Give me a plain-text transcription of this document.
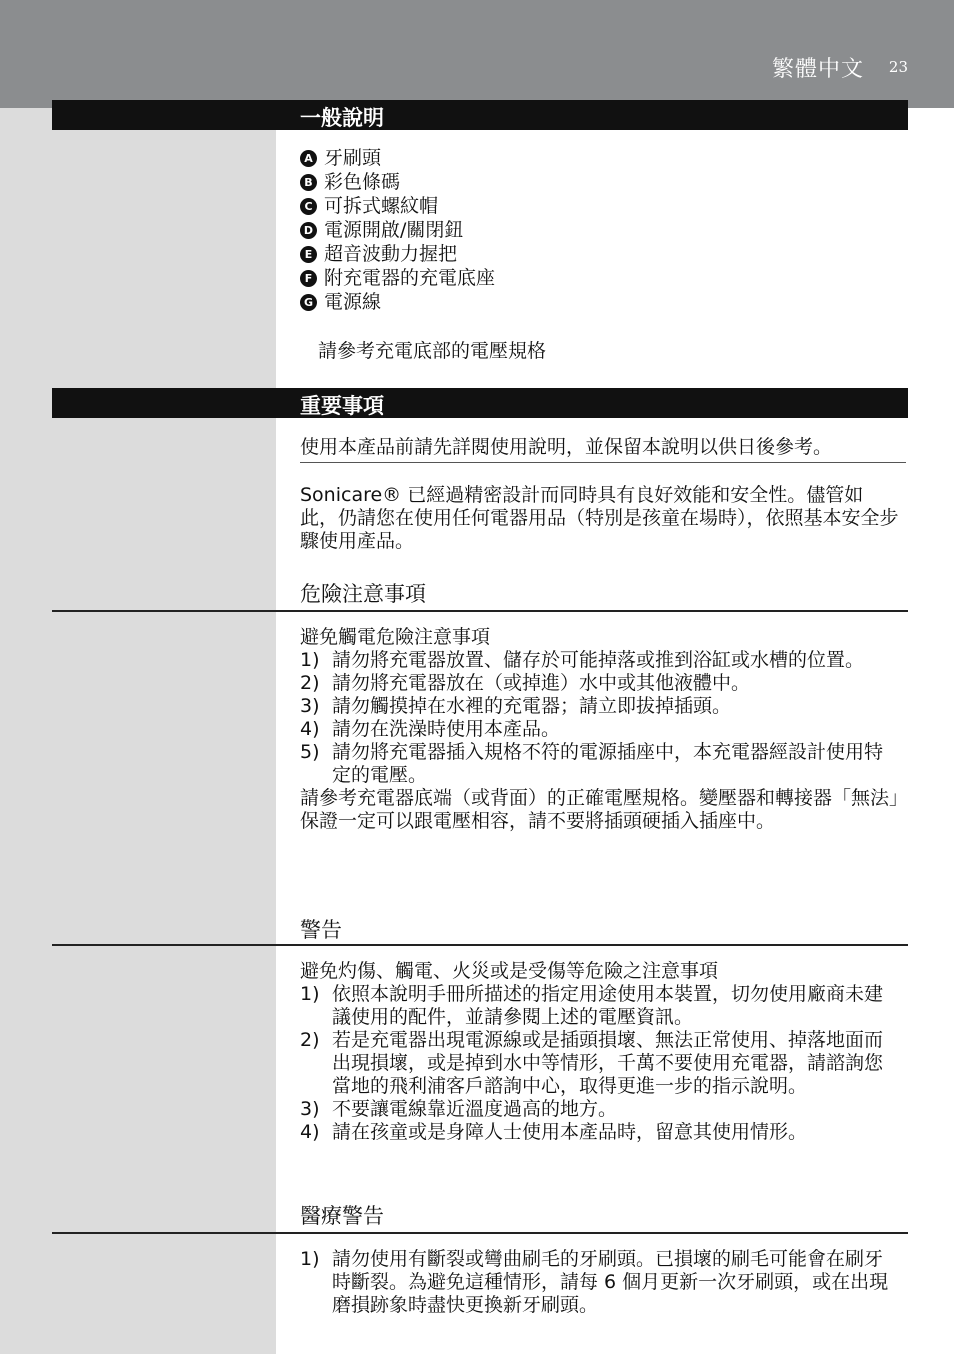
繁體中文 23
一般說明
A 牙刷頭
B 彩色條碼
C 可拆式螺紋帽
D 電源開啟/關閉鈕
E 超音波動力握把
F 附充電器的充電底座
G 電源線
請參考充電底部的電壓規格
重要事項
使用本產品前請先詳閱使用說明，並保留本說明以供日後參考。
Sonicare® 已經過精密設計而同時具有良好效能和安全性。儘管如此，仍請您在使用任何電器用品（特別是孩童在場時），依照基本安全步驟使用產品。
危險注意事項
避免觸電危險注意事項
1) 請勿將充電器放置、儲存於可能掉落或推到浴缸或水槽的位置。
2) 請勿將充電器放在（或掉進）水中或其他液體中。
3) 請勿觸摸掉在水裡的充電器；請立即拔掉插頭。
4) 請勿在洗澡時使用本產品。
5) 請勿將充電器插入規格不符的電源插座中，本充電器經設計使用特定的電壓。
請參考充電器底端（或背面）的正確電壓規格。變壓器和轉接器「無法」保證一定可以跟電壓相容，請不要將插頭硬插入插座中。
警告
避免灼傷、觸電、火災或是受傷等危險之注意事項
1) 依照本說明手冊所描述的指定用途使用本裝置，切勿使用廠商未建議使用的配件，並請參閱上述的電壓資訊。
2) 若是充電器出現電源線或是插頭損壞、無法正常使用、掉落地面而出現損壞，或是掉到水中等情形，千萬不要使用充電器，請諮詢您當地的飛利浦客戶諮詢中心，取得更進一步的指示說明。
3) 不要讓電線靠近溫度過高的地方。
4) 請在孩童或是身障人士使用本產品時，留意其使用情形。
醫療警告
1) 請勿使用有斷裂或彎曲刷毛的牙刷頭。已損壞的刷毛可能會在刷牙時斷裂。為避免這種情形，請每 6 個月更新一次牙刷頭，或在出現磨損跡象時盡快更換新牙刷頭。
